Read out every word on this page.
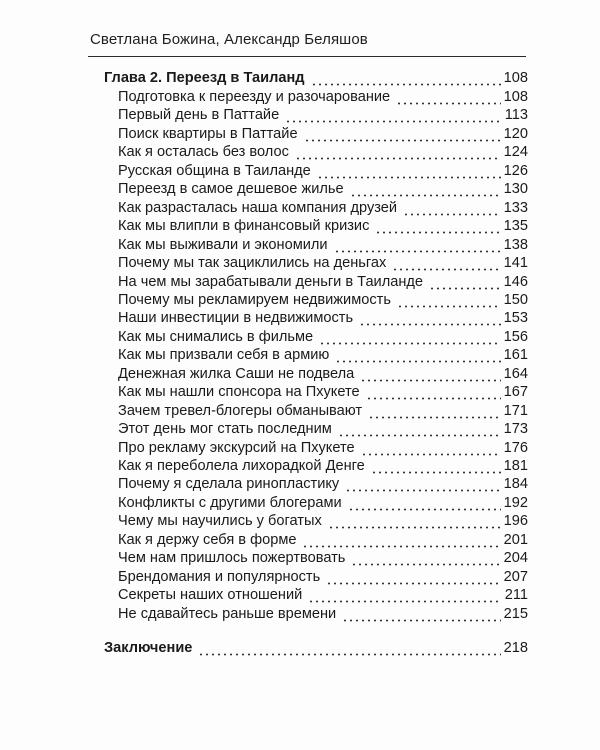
Светлана Божина, Александр Беляшов
Глава 2. Переезд в Таиланд	108
Подготовка к переезду и разочарование	108
Первый день в Паттайе	113
Поиск квартиры в Паттайе	120
Как я осталась без волос	124
Русская община в Таиланде	126
Переезд в самое дешевое жилье	130
Как разрасталась наша компания друзей	133
Как мы влипли в финансовый кризис	135
Как мы выживали и экономили	138
Почему мы так зациклились на деньгах	141
На чем мы зарабатывали деньги в Таиланде	146
Почему мы рекламируем недвижимость	150
Наши инвестиции в недвижимость	153
Как мы снимались в фильме	156
Как мы призвали себя в армию	161
Денежная жилка Саши не подвела	164
Как мы нашли спонсора на Пхукете	167
Зачем тревел-блогеры обманывают	171
Этот день мог стать последним	173
Про рекламу экскурсий на Пхукете	176
Как я переболела лихорадкой Денге	181
Почему я сделала ринопластику	184
Конфликты с другими блогерами	192
Чему мы научились у богатых	196
Как я держу себя в форме	201
Чем нам пришлось пожертвовать	204
Брендомания и популярность	207
Секреты наших отношений	211
Не сдавайтесь раньше времени	215
Заключение	218
